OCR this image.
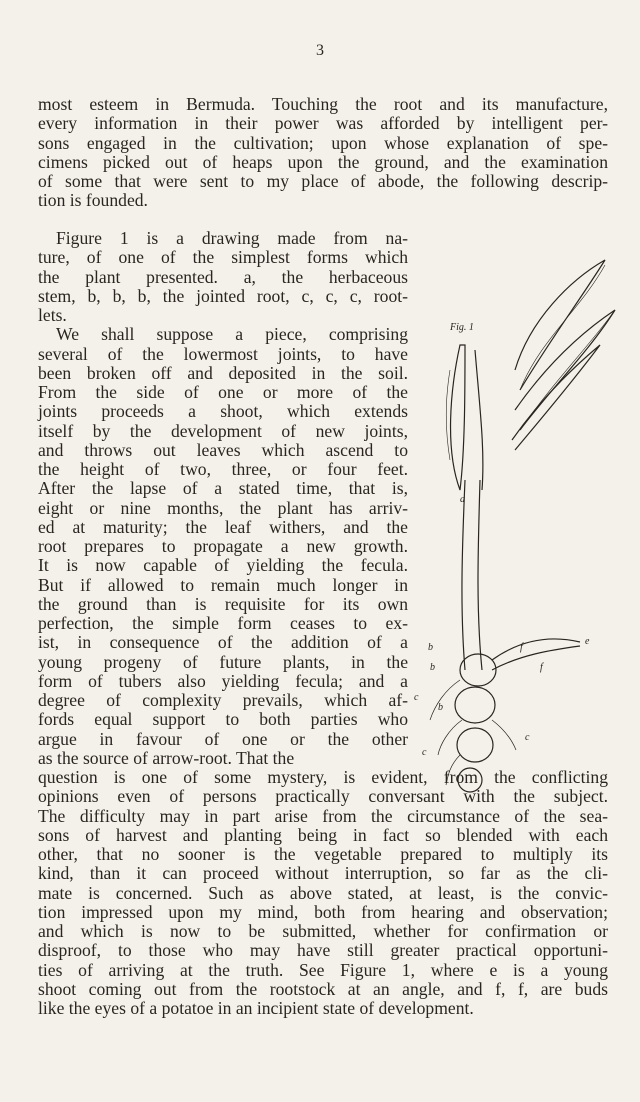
3
most esteem in Bermuda. Touching the root and its manufacture,
every information in their power was afforded by intelligent per-
sons engaged in the cultivation; upon whose explanation of spe-
cimens picked out of heaps upon the ground, and the examination
of some that were sent to my place of abode, the following descrip-
tion is founded.
Figure 1 is a drawing made from na-
ture, of one of the simplest forms which
the plant presented. a, the herbaceous
stem, b, b, b, the jointed root, c, c, c, root-
lets.
We shall suppose a piece, comprising
several of the lowermost joints, to have
been broken off and deposited in the soil.
From the side of one or more of the
joints proceeds a shoot, which extends
itself by the development of new joints,
and throws out leaves which ascend to
the height of two, three, or four feet.
After the lapse of a stated time, that is,
eight or nine months, the plant has arriv-
ed at maturity; the leaf withers, and the
root prepares to propagate a new growth.
It is now capable of yielding the fecula.
But if allowed to remain much longer in
the ground than is requisite for its own
perfection, the simple form ceases to ex-
ist, in consequence of the addition of a
young progeny of future plants, in the
form of tubers also yielding fecula; and a
degree of complexity prevails, which af-
fords equal support to both parties who
argue in favour of one or the other
as the source of arrow-root. That the
question is one of some mystery, is evident, from the conflicting
opinions even of persons practically conversant with the subject.
The difficulty may in part arise from the circumstance of the sea-
sons of harvest and planting being in fact so blended with each
other, that no sooner is the vegetable prepared to multiply its
kind, than it can proceed without interruption, so far as the cli-
mate is concerned. Such as above stated, at least, is the convic-
tion impressed upon my mind, both from hearing and observation;
and which is now to be submitted, whether for confirmation or
disproof, to those who may have still greater practical opportuni-
ties of arriving at the truth. See Figure 1, where e is a young
shoot coming out from the rootstock at an angle, and f, f, are buds
like the eyes of a potatoe in an incipient state of development.
Fig. 1
a
b
b
b
c
c
c
e
f
f
